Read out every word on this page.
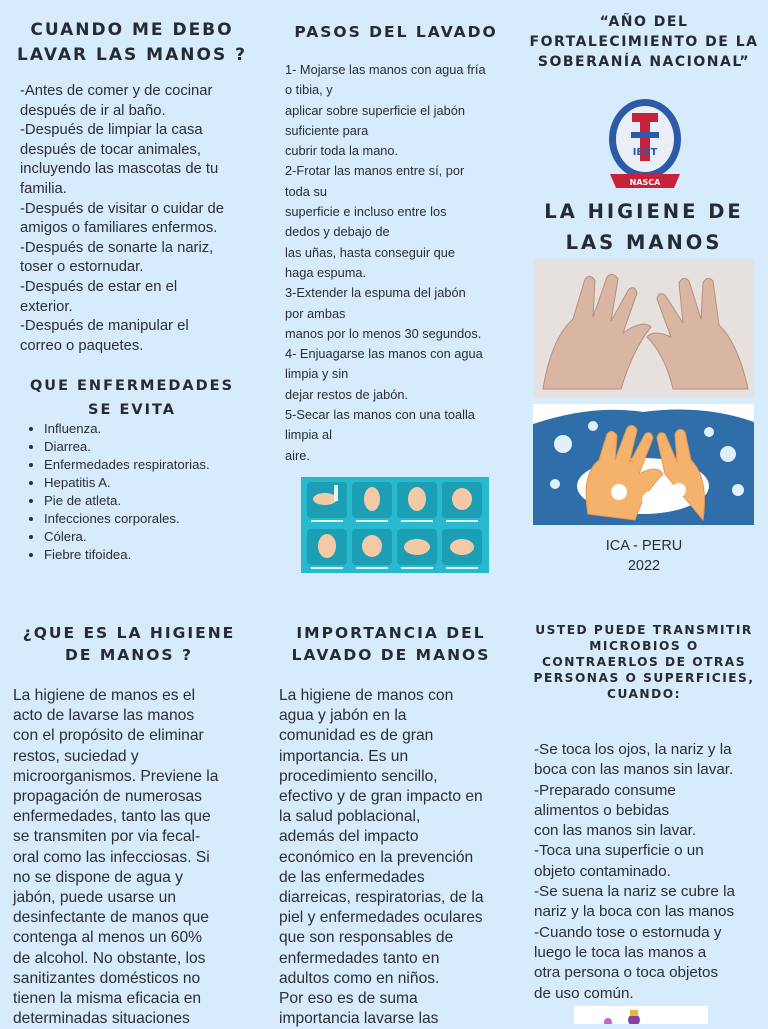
CUANDO ME DEBO
LAVAR LAS MANOS ?
-Antes de comer y de cocinar
después de ir al baño.
-Después de limpiar la casa
después de tocar animales,
incluyendo las mascotas de tu
familia.
-Después de visitar o cuidar de
amigos o familiares enfermos.
-Después de sonarte la nariz,
toser o estornudar.
-Después de estar en el
exterior.
-Después de manipular el
correo o paquetes.
QUE ENFERMEDADES
SE EVITA
• Influenza.
• Diarrea.
• Enfermedades respiratorias.
• Hepatitis A.
• Pie de atleta.
• Infecciones corporales.
• Cólera.
• Fiebre tifoidea.
PASOS DEL LAVADO
1- Mojarse las manos con agua fría
o tibia, y
aplicar sobre superficie el jabón
suficiente para
cubrir toda la mano.
2-Frotar las manos entre sí, por
toda su
superficie e incluso entre los
dedos y debajo de
las uñas, hasta conseguir que
haga espuma.
3-Extender la espuma del jabón
por ambas
manos por lo menos 30 segundos.
4- Enjuagarse las manos con agua
limpia y sin
dejar restos de jabón.
5-Secar las manos con una toalla
limpia al
aire.
“AÑO DEL
FORTALECIMIENTO DE LA
SOBERANÍA NACIONAL”
IEST
NASCA
LA HIGIENE DE
LAS MANOS
ICA - PERU
2022
¿QUE ES LA HIGIENE
DE MANOS ?
La higiene de manos es el
acto de lavarse las manos
con el propósito de eliminar
restos, suciedad y
microorganismos. Previene la
propagación de numerosas
enfermedades, tanto las que
se transmiten por via fecal-
oral como las infecciosas. Si
no se dispone de agua y
jabón, puede usarse un
desinfectante de manos que
contenga al menos un 60%
de alcohol. No obstante, los
sanitizantes domésticos no
tienen la misma eficacia en
determinadas situaciones
IMPORTANCIA DEL
LAVADO DE MANOS
La higiene de manos con
agua y jabón en la
comunidad es de gran
importancia. Es un
procedimiento sencillo,
efectivo y de gran impacto en
la salud poblacional,
además del impacto
económico en la prevención
de las enfermedades
diarreicas, respiratorias, de la
piel y enfermedades oculares
que son responsables de
enfermedades tanto en
adultos como en niños.
Por eso es de suma
importancia lavarse las
USTED PUEDE TRANSMITIR
MICROBIOS O
CONTRAERLOS DE OTRAS
PERSONAS O SUPERFICIES,
CUANDO:
-Se toca los ojos, la nariz y la
boca con las manos sin lavar.
-Preparado consume
alimentos o bebidas
con las manos sin lavar.
-Toca una superficie o un
objeto contaminado.
-Se suena la nariz se cubre la
nariz y la boca con las manos
-Cuando tose o estornuda y
luego le toca las manos a
otra persona o toca objetos
de uso común.
